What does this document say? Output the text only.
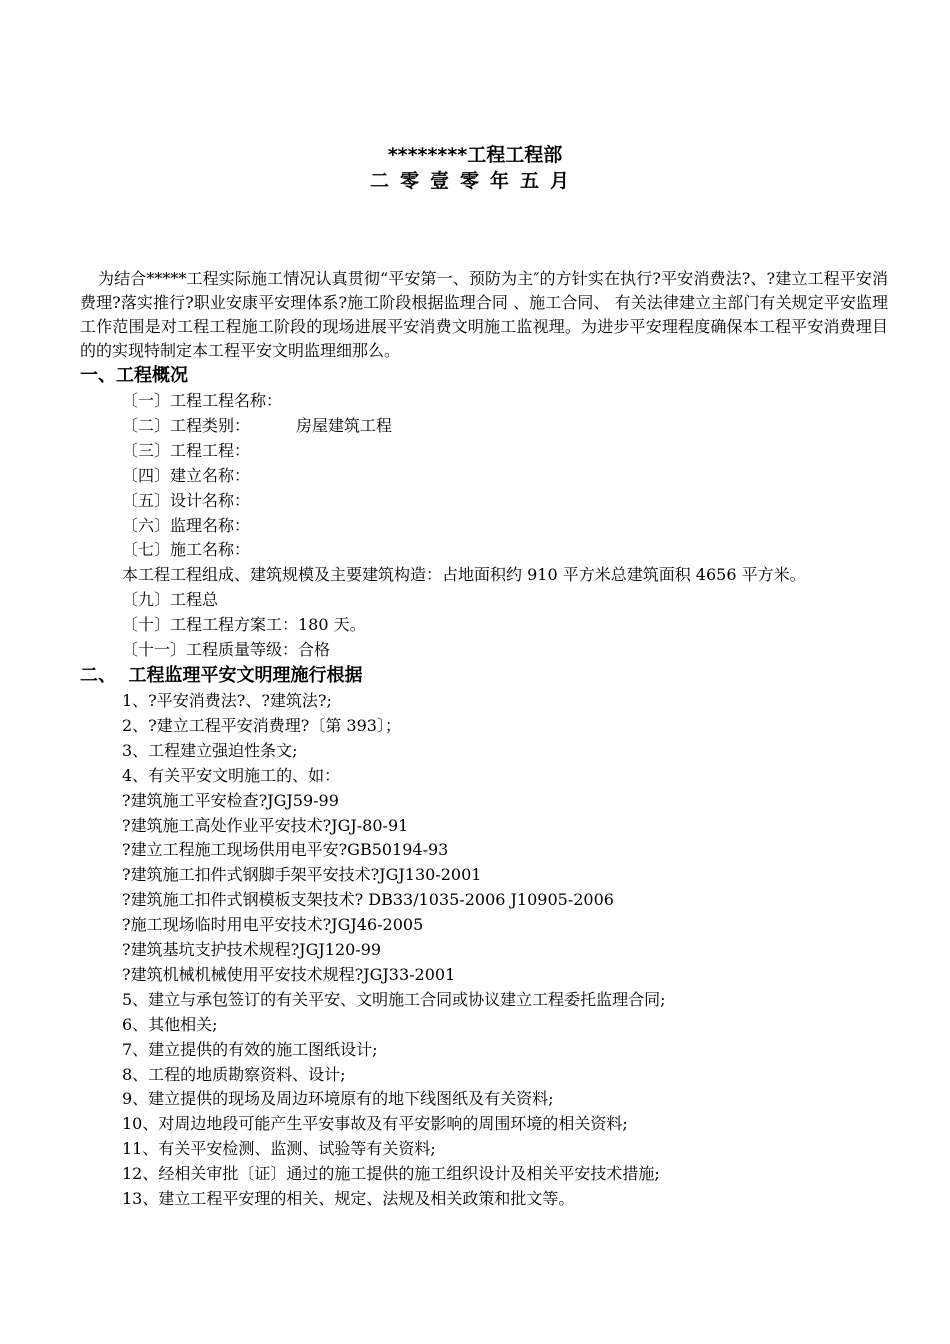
********工程工程部
二零壹零年五月

为结合*****工程实际施工情况认真贯彻“平安第一、预防为主″的方针实在执行?平安消费法?、?建立工程平安消费理?落实推行?职业安康平安理体系?施工阶段根据监理合同 、施工合同、 有关法律建立主部门有关规定平安监理工作范围是对工程工程施工阶段的现场进展平安消费文明施工监视理。为进步平安理程度确保本工程平安消费理目的的实现特制定本工程平安文明监理细那么。

一、工程概况

〔一〕工程工程名称：

〔二〕工程类别：	房屋建筑工程

〔三〕工程工程：

〔四〕建立名称：

〔五〕设计名称：

〔六〕监理名称：

〔七〕施工名称：

本工程工程组成、建筑规模及主要建筑构造：占地面积约 910 平方米总建筑面积 4656 平方米。

〔九〕工程总

〔十〕工程工程方案工：180 天。

〔十一〕工程质量等级：合格

二、  工程监理平安文明理施行根据

1、?平安消费法?、?建筑法?;

2、?建立工程平安消费理?〔第 393〕；

3、工程建立强迫性条文;

4、有关平安文明施工的、如：

?建筑施工平安检查?JGJ59-99

?建筑施工高处作业平安技术?JGJ-80-91

?建立工程施工现场供用电平安?GB50194-93

?建筑施工扣件式钢脚手架平安技术?JGJ130-2001

?建筑施工扣件式钢模板支架技术? DB33/1035-2006 J10905-2006

?施工现场临时用电平安技术?JGJ46-2005

?建筑基坑支护技术规程?JGJ120-99

?建筑机械机械使用平安技术规程?JGJ33-2001

5、建立与承包签订的有关平安、文明施工合同或协议建立工程委托监理合同;

6、其他相关;

7、建立提供的有效的施工图纸设计;

8、工程的地质勘察资料、设计;

9、建立提供的现场及周边环境原有的地下线图纸及有关资料;

10、对周边地段可能产生平安事故及有平安影响的周围环境的相关资料;

11、有关平安检测、监测、试验等有关资料;

12、经相关审批〔证〕通过的施工提供的施工组织设计及相关平安技术措施;

13、建立工程平安理的相关、规定、法规及相关政策和批文等。
